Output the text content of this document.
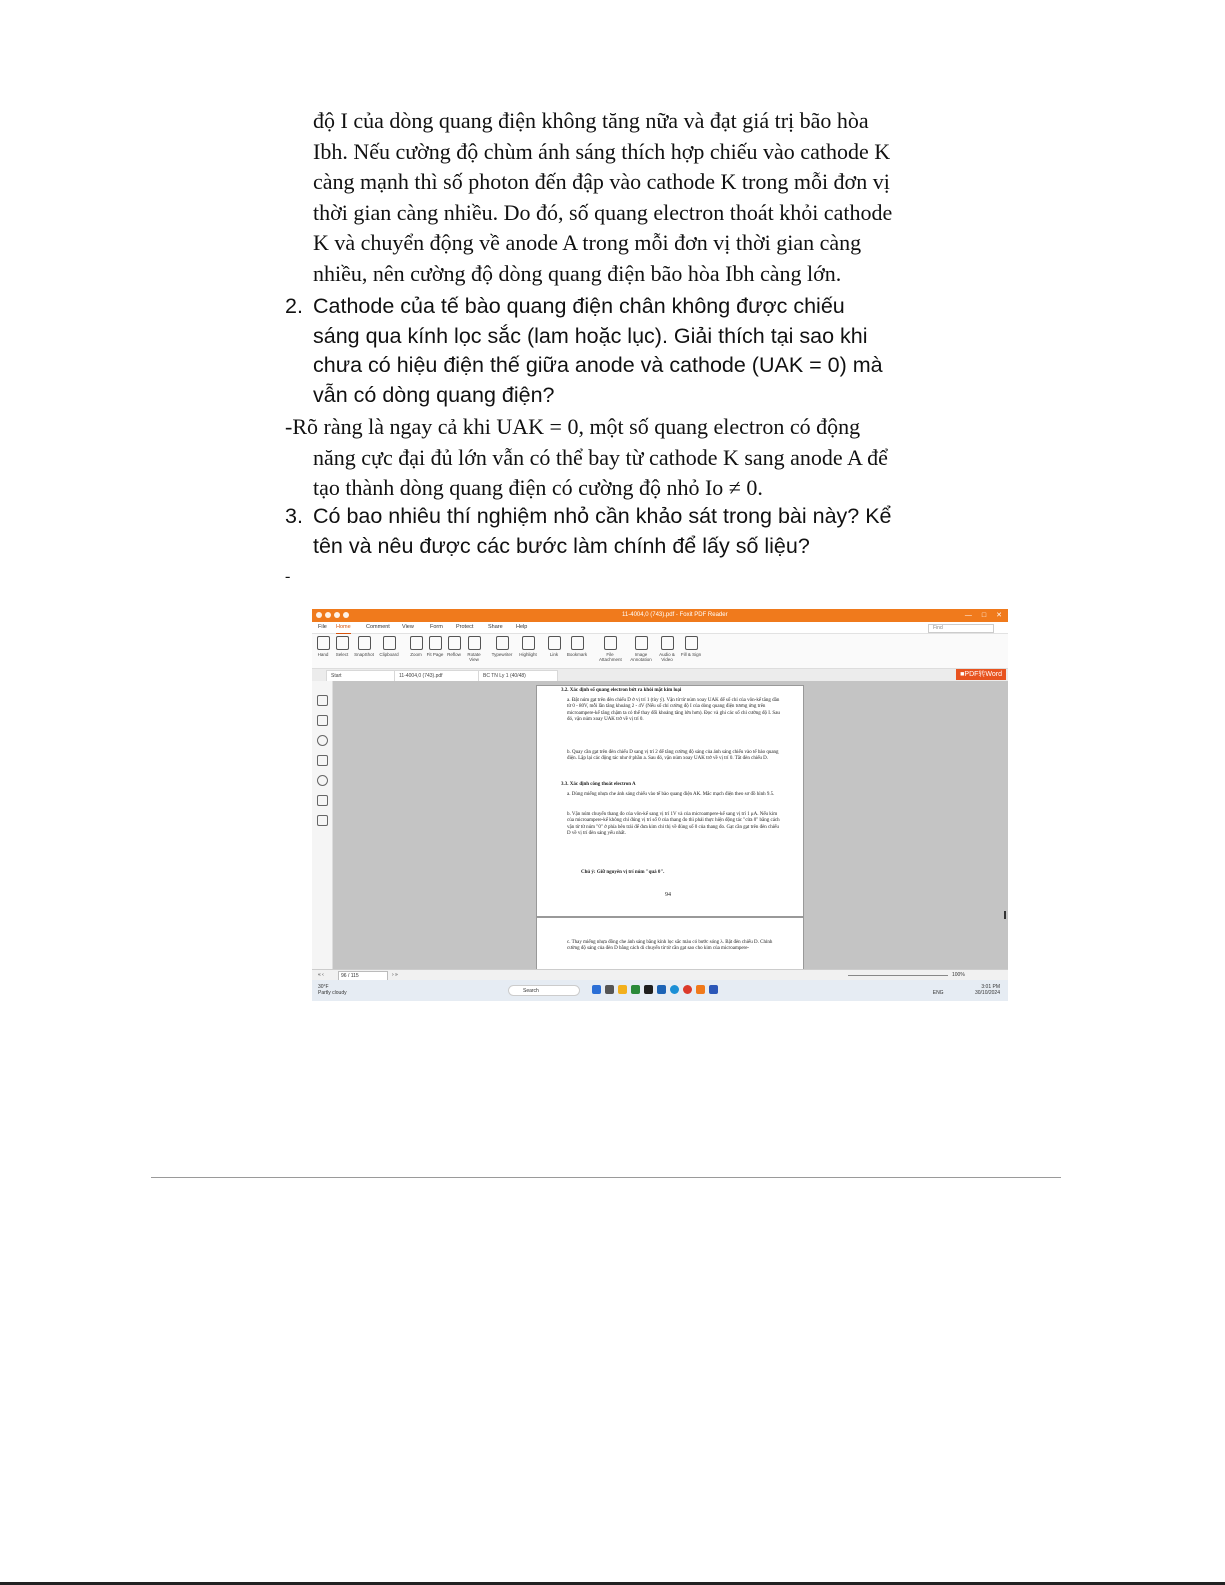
độ I của dòng quang điện không tăng nữa và đạt giá trị bão hòa
Ibh. Nếu cường độ chùm ánh sáng thích hợp chiếu vào cathode K
càng mạnh thì số photon đến đập vào cathode K trong mỗi đơn vị
thời gian càng nhiều. Do đó, số quang electron thoát khỏi cathode
K và chuyển động về anode A trong mỗi đơn vị thời gian càng
nhiều, nên cường độ dòng quang điện bão hòa Ibh càng lớn.
2. Cathode của tế bào quang điện chân không được chiếu
sáng qua kính lọc sắc (lam hoặc lục). Giải thích tại sao khi
chưa có hiệu điện thế giữa anode và cathode (UAK = 0) mà
vẫn có dòng quang điện?
-Rõ ràng là ngay cả khi UAK = 0, một số quang electron có động
năng cực đại đủ lớn vẫn có thể bay từ cathode K sang anode A để
tạo thành dòng quang điện có cường độ nhỏ Io ≠ 0.
3. Có bao nhiêu thí nghiệm nhỏ cần khảo sát trong bài này? Kể
tên và nêu được các bước làm chính để lấy số liệu?
-
11-4004,0 (743).pdf - Foxit PDF Reader	— □ ✕
File Home	Comment View	Form Protect	Share Help	Find
Hand	Select	SnapShot	Clipboard	Zoom	Fit Page Reflow	Rotate View
Typewriter	Highlight	Link	Bookmark	File Attachment
Image Annotation
Audio & Video
Fill & Sign
Start	11-4004,0 (743).pdf	BC TN Ly 1 (40/48)	■PDF转Word
3.2. Xác định số quang electron bứt ra khỏi mặt kim loại
a. Đặt núm gạt trên đèn chiếu D ở vị trí 1 (tùy ý). Vặn từ từ núm xoay UAK để số chỉ của vôn-kế tăng dần từ 0 - 80V, mỗi lần tăng khoảng 2 - 4V (Nếu số chỉ cường độ I của dòng quang điện tương ứng trên microampere-kế tăng chậm ta có thể thay đổi khoảng tăng lớn hơn). Đọc và ghi các số chỉ cường độ I. Sau đó, vặn núm xoay UAK trở về vị trí 0.
b. Quay cần gạt trên đèn chiếu D sang vị trí 2 để tăng cường độ sáng của ánh sáng chiếu vào tế bào quang điện. Lặp lại các động tác như ở phần a. Sau đó, vặn núm xoay UAK trở về vị trí 0. Tắt đèn chiếu D.
3.3. Xác định công thoát electron A
a. Dùng miếng nhựa che ánh sáng chiếu vào tế bào quang điện AK. Mắc mạch điện theo sơ đồ hình 9.5.
b. Vặn núm chuyển thang đo của vôn-kế sang vị trí 1V và của microampere-kế sang vị trí 1 μA. Nếu kim của microampere-kế không chỉ đúng vị trí số 0 của thang đo thì phải thực hiện động tác "cửa 0" bằng cách vặn từ từ núm "0" ở phía bên trái để đưa kim chỉ thị về đúng số 0 của thang đo. Gạt cần gạt trên đèn chiếu D về vị trí đèn sáng yếu nhất.
Chú ý: Giữ nguyên vị trí núm "quả 0".
94
c. Thay miếng nhựa đồng che ánh sáng bằng kính lọc sắc màu có bước sóng λ. Bật đèn chiếu D. Chỉnh cường độ sáng của đèn D bằng cách di chuyển từ từ cần gạt sao cho kim của microampere-
« ‹	96 / 115	› »	100%
30°F
Partly cloudy	Search	ENG
3:01 PM
30/10/2024
